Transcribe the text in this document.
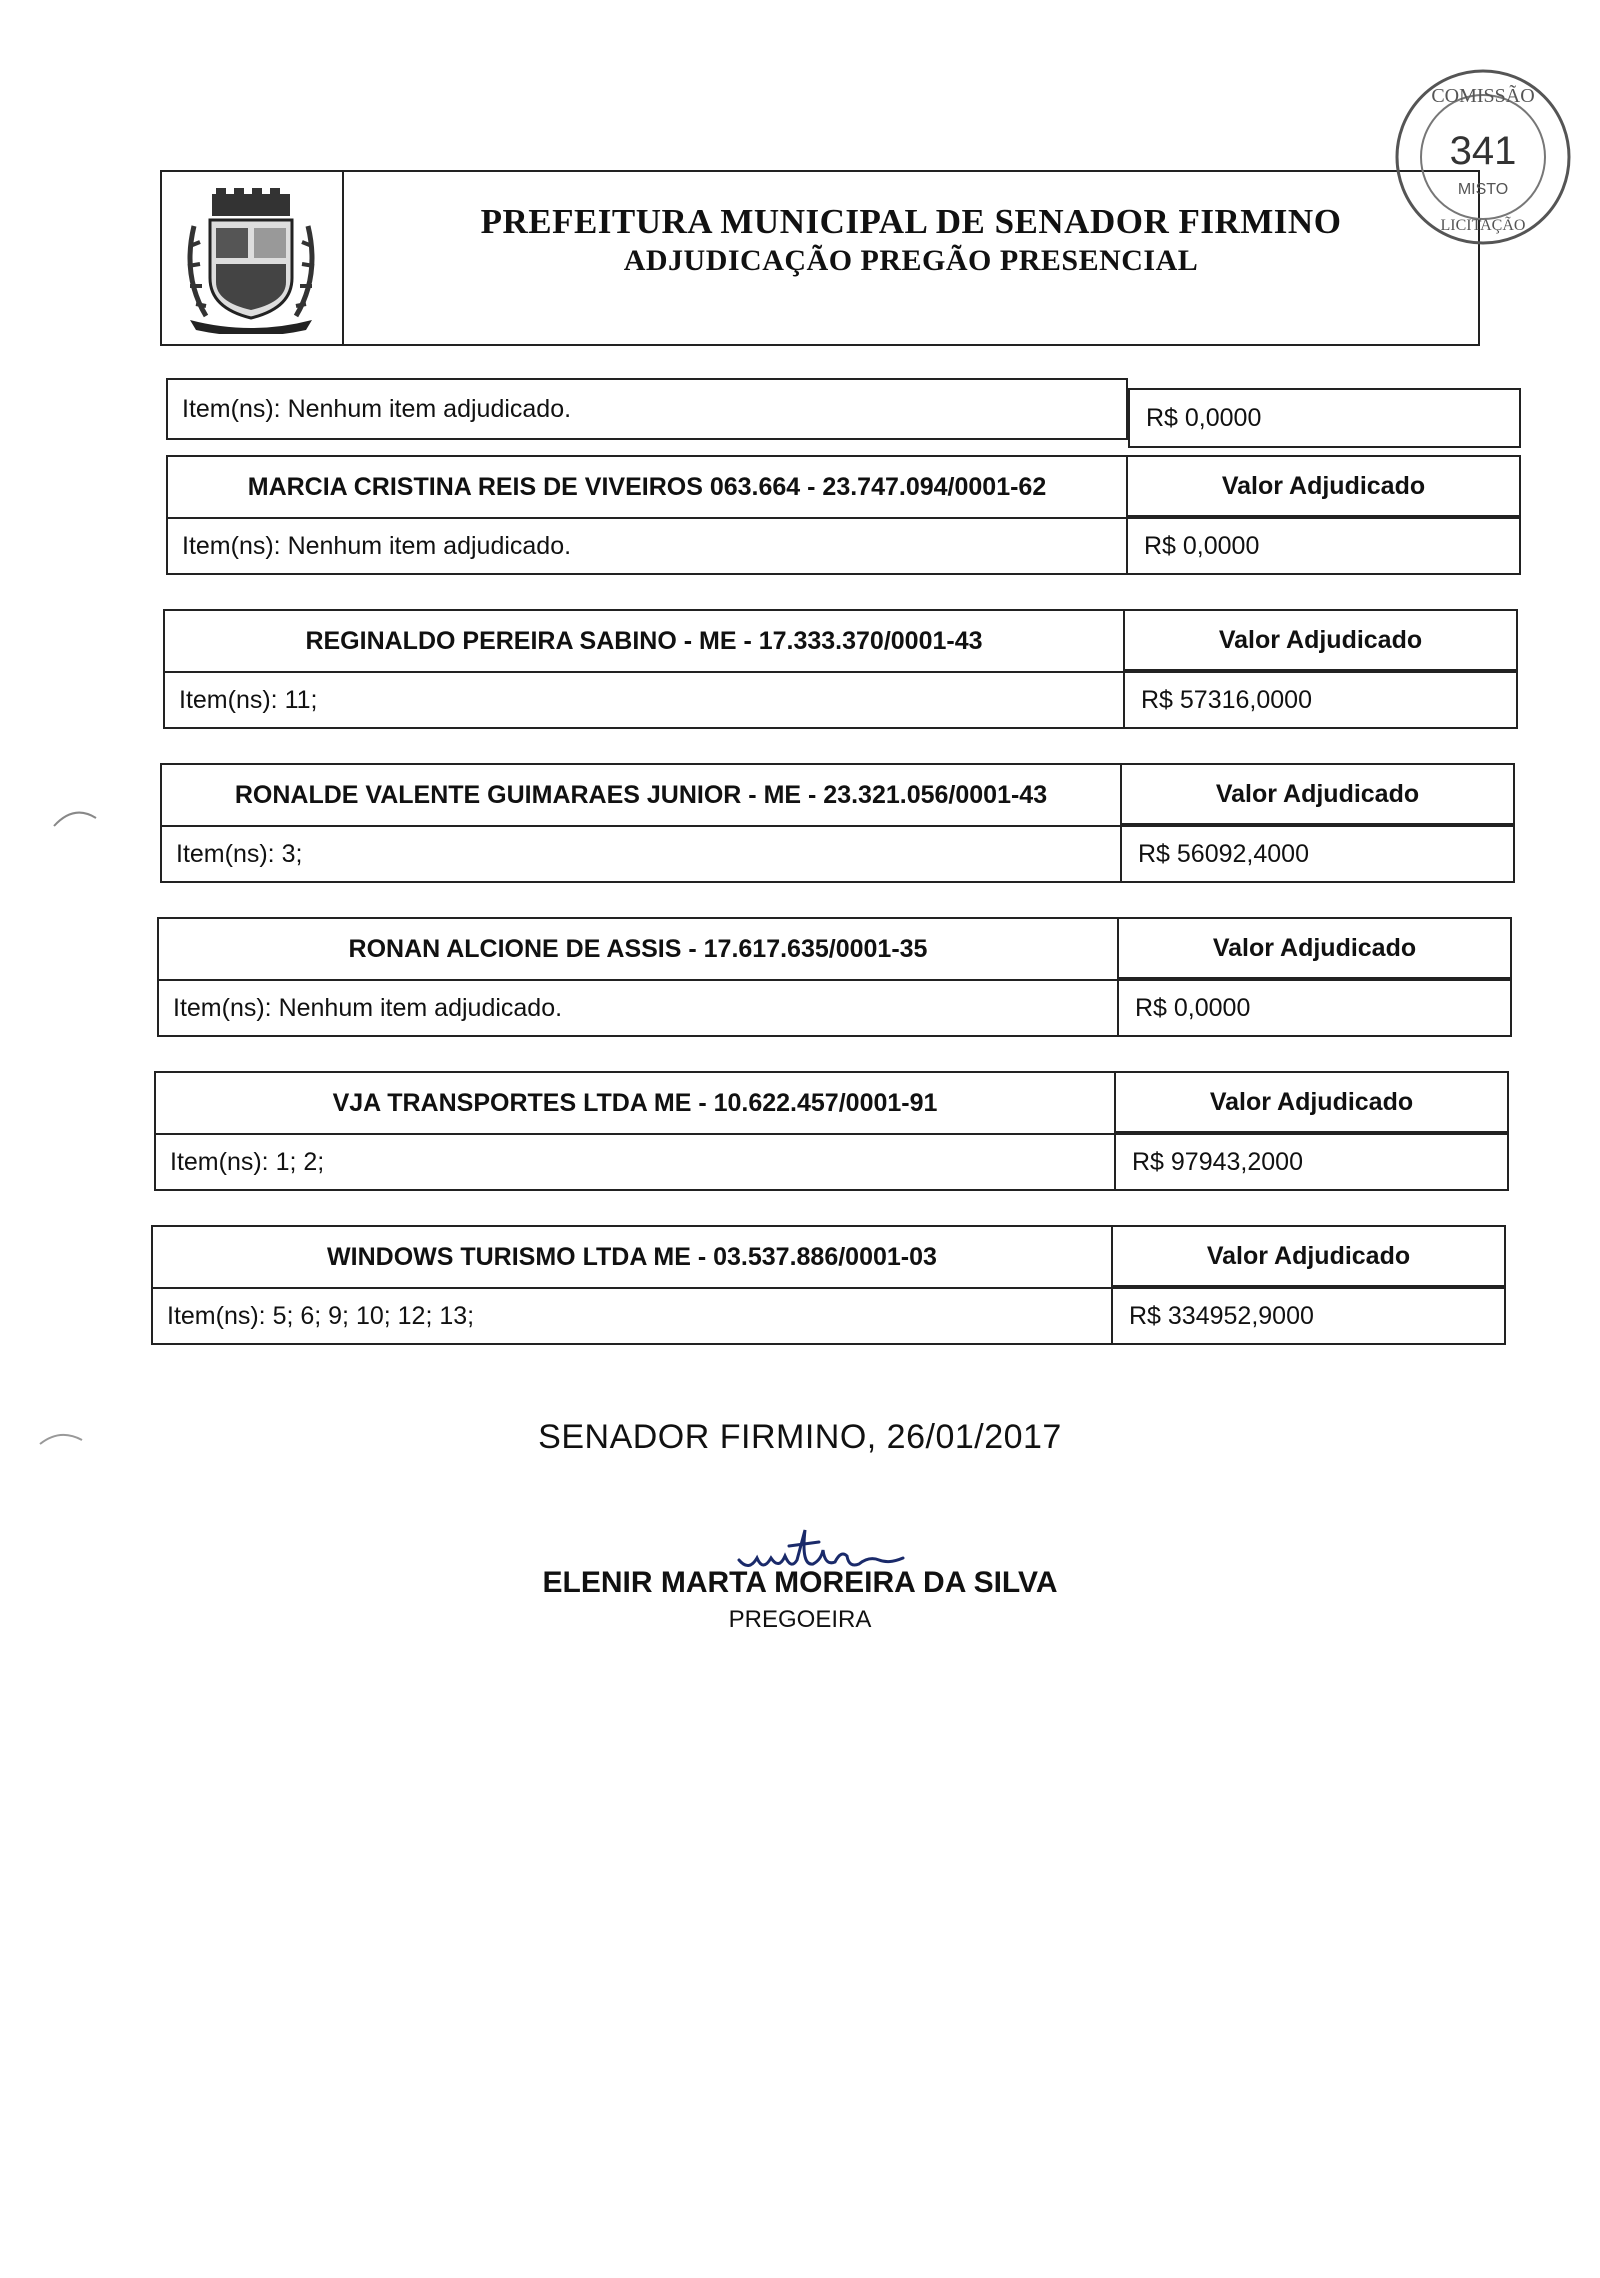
PREFEITURA MUNICIPAL DE SENADOR FIRMINO
ADJUDICAÇÃO PREGÃO PRESENCIAL
COMISSÃO
341
MISTO
LICITAÇÃO
Item(ns): Nenhum item adjudicado.	R$ 0,0000
MARCIA CRISTINA REIS DE VIVEIROS 063.664 - 23.747.094/0001-62	Valor Adjudicado
Item(ns): Nenhum item adjudicado.	R$ 0,0000
REGINALDO PEREIRA SABINO - ME - 17.333.370/0001-43	Valor Adjudicado
Item(ns): 11;	R$ 57316,0000
RONALDE VALENTE GUIMARAES JUNIOR - ME - 23.321.056/0001-43	Valor Adjudicado
Item(ns): 3;	R$ 56092,4000
RONAN ALCIONE DE ASSIS - 17.617.635/0001-35	Valor Adjudicado
Item(ns): Nenhum item adjudicado.	R$ 0,0000
VJA TRANSPORTES LTDA ME - 10.622.457/0001-91	Valor Adjudicado
Item(ns): 1; 2;	R$ 97943,2000
WINDOWS TURISMO LTDA ME - 03.537.886/0001-03	Valor Adjudicado
Item(ns): 5; 6; 9; 10; 12; 13;	R$ 334952,9000
SENADOR FIRMINO, 26/01/2017
ELENIR MARTA MOREIRA DA SILVA
PREGOEIRA
